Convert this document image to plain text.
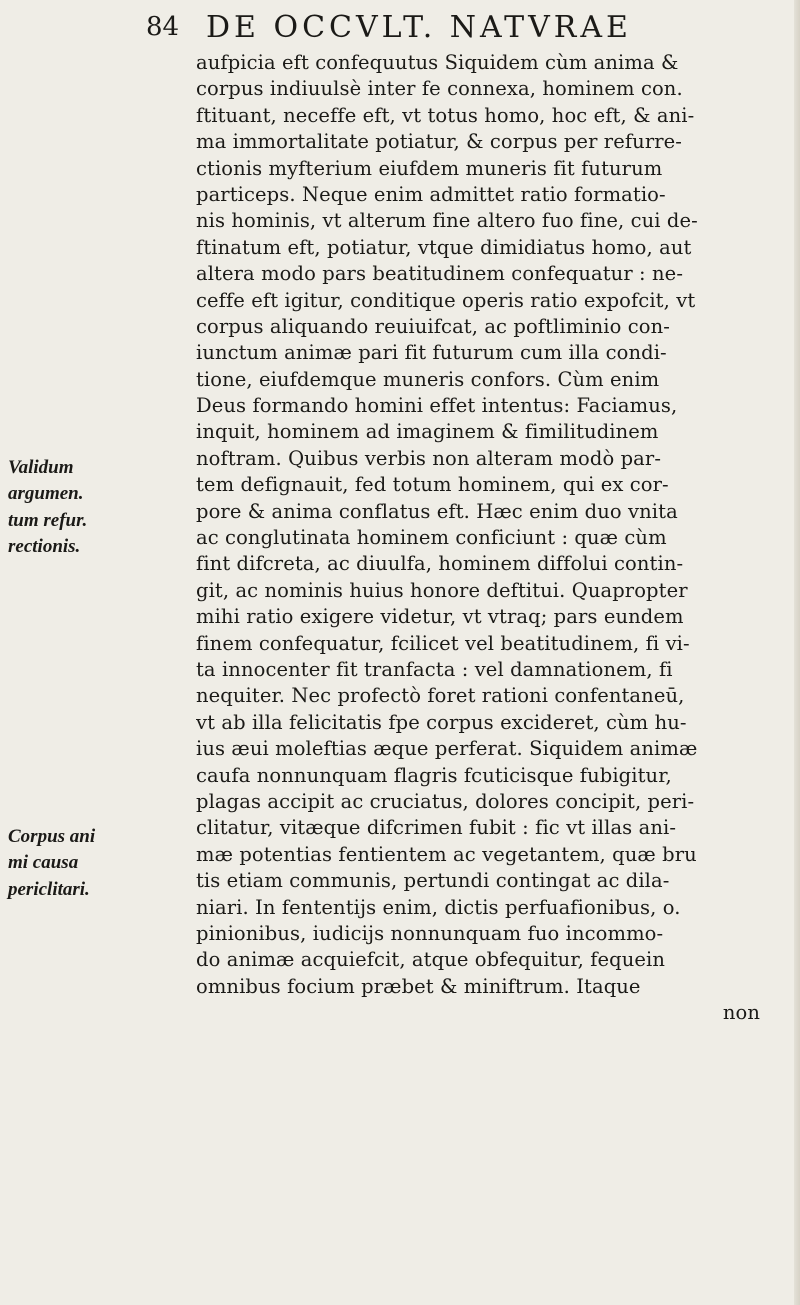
84 DE OCCVLT. NATVRAE
Validum
argumen.
tum refur.
rectionis.
Corpus ani
mi causa
periclitari.
aufpicia eft confequutus Siquidem cùm anima &
corpus indiuulsè inter fe connexa, hominem con.
ftituant, neceffe eft, vt totus homo, hoc eft, & ani-
ma immortalitate potiatur, & corpus per refurre-
ctionis myfterium eiufdem muneris fit futurum
particeps. Neque enim admittet ratio formatio-
nis hominis, vt alterum fine altero fuo fine, cui de-
ftinatum eft, potiatur, vtque dimidiatus homo, aut
altera modo pars beatitudinem confequatur : ne-
ceffe eft igitur, conditique operis ratio expofcit, vt
corpus aliquando reuiuifcat, ac poftliminio con-
iunctum animæ pari fit futurum cum illa condi-
tione, eiufdemque muneris confors. Cùm enim
Deus formando homini effet intentus: Faciamus,
inquit, hominem ad imaginem & fimilitudinem
noftram. Quibus verbis non alteram modò par-
tem defignauit, fed totum hominem, qui ex cor-
pore & anima conflatus eft. Hæc enim duo vnita
ac conglutinata hominem conficiunt : quæ cùm
fint difcreta, ac diuulfa, hominem diffolui contin-
git, ac nominis huius honore deftitui. Quapropter
mihi ratio exigere videtur, vt vtraq; pars eundem
finem confequatur, fcilicet vel beatitudinem, fi vi-
ta innocenter fit tranfacta : vel damnationem, fi
nequiter. Nec profectò foret rationi confentaneū,
vt ab illa felicitatis fpe corpus excideret, cùm hu-
ius æui moleftias æque perferat. Siquidem animæ
caufa nonnunquam flagris fcuticisque fubigitur,
plagas accipit ac cruciatus, dolores concipit, peri-
clitatur, vitæque difcrimen fubit : fic vt illas ani-
mæ potentias fentientem ac vegetantem, quæ bru
tis etiam communis, pertundi contingat ac dila-
niari. In fententijs enim, dictis perfuafionibus, o.
pinionibus, iudicijs nonnunquam fuo incommo-
do animæ acquiefcit, atque obfequitur, fequein
omnibus focium præbet & miniftrum. Itaque
non
